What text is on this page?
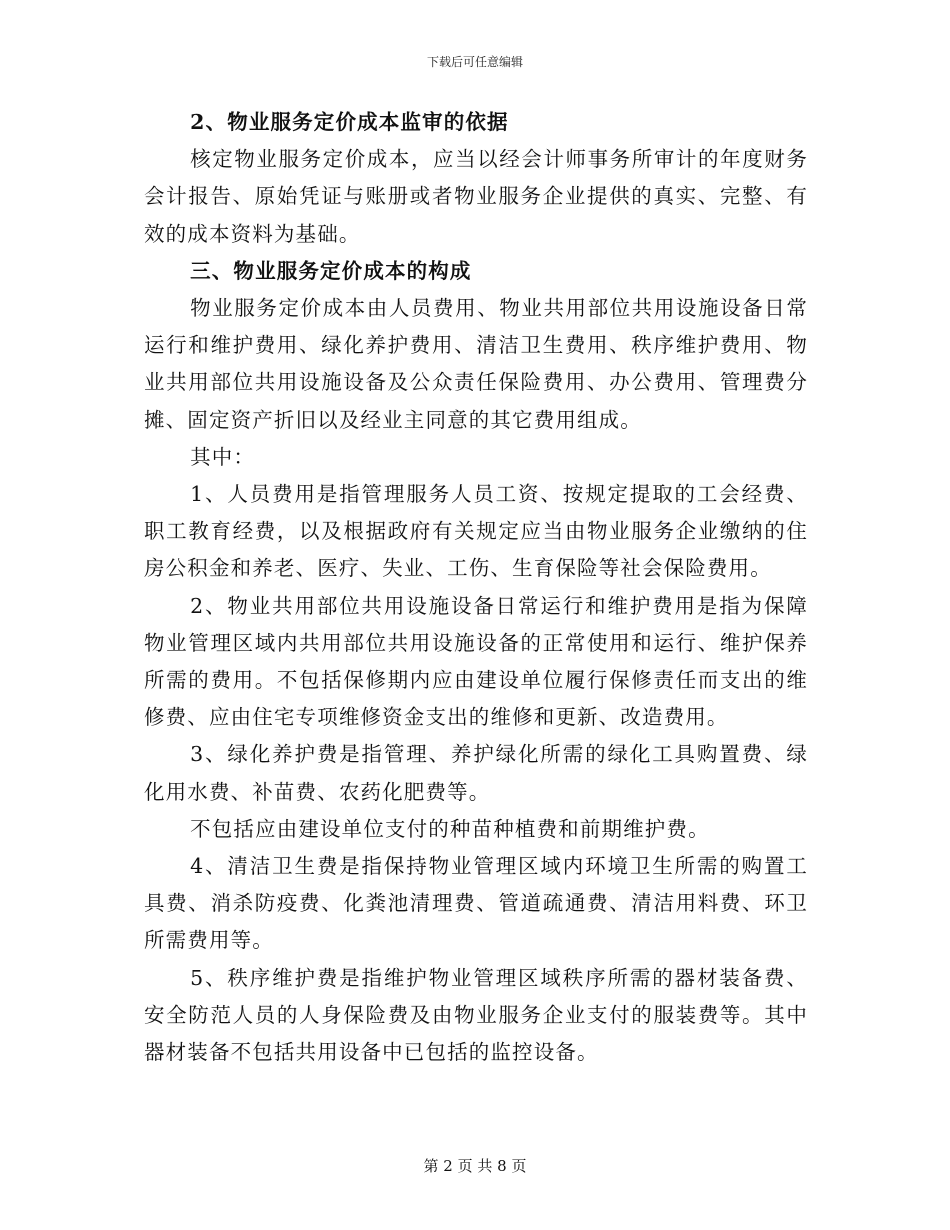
下载后可任意编辑

2、物业服务定价成本监审的依据

核定物业服务定价成本，应当以经会计师事务所审计的年度财务会计报告、原始凭证与账册或者物业服务企业提供的真实、完整、有效的成本资料为基础。

三、物业服务定价成本的构成

物业服务定价成本由人员费用、物业共用部位共用设施设备日常运行和维护费用、绿化养护费用、清洁卫生费用、秩序维护费用、物业共用部位共用设施设备及公众责任保险费用、办公费用、管理费分摊、固定资产折旧以及经业主同意的其它费用组成。

其中：

1、人员费用是指管理服务人员工资、按规定提取的工会经费、职工教育经费，以及根据政府有关规定应当由物业服务企业缴纳的住房公积金和养老、医疗、失业、工伤、生育保险等社会保险费用。

2、物业共用部位共用设施设备日常运行和维护费用是指为保障物业管理区域内共用部位共用设施设备的正常使用和运行、维护保养所需的费用。不包括保修期内应由建设单位履行保修责任而支出的维修费、应由住宅专项维修资金支出的维修和更新、改造费用。

3、绿化养护费是指管理、养护绿化所需的绿化工具购置费、绿化用水费、补苗费、农药化肥费等。

不包括应由建设单位支付的种苗种植费和前期维护费。

4、清洁卫生费是指保持物业管理区域内环境卫生所需的购置工具费、消杀防疫费、化粪池清理费、管道疏通费、清洁用料费、环卫所需费用等。

5、秩序维护费是指维护物业管理区域秩序所需的器材装备费、安全防范人员的人身保险费及由物业服务企业支付的服装费等。其中器材装备不包括共用设备中已包括的监控设备。

第 2 页 共 8 页
